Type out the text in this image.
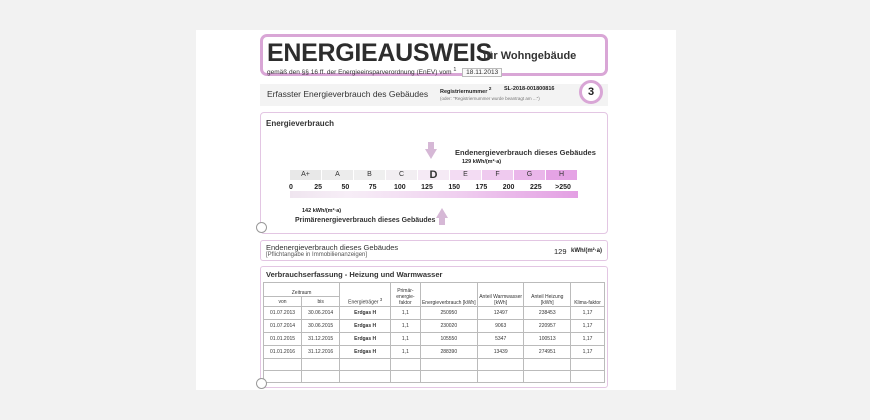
ENERGIEAUSWEIS
für Wohngebäude
gemäß den §§ 16 ff. der Energieeinsparverordnung (EnEV) vom $^1$ 18.11.2013
Erfasster Energieverbrauch des Gebäudes Registriernummer $^2$ SL-2018-001800816
(oder: "Registriernummer wurde beantragt am ...")
3
Energieverbrauch
Endenergieverbrauch dieses Gebäudes
129 kWh/(m²·a)
A+	A	B	C	D	E	F	G	H
0	25	50	75 100 125 150 175 200 225 >250
142 kWh/(m²·a)
Primärenergieverbrauch dieses Gebäudes
Endenergieverbrauch dieses Gebäudes
[Pflichtangabe in Immobilienanzeigen]	129 kWh/(m²·a)
Verbrauchserfassung - Heizung und Warmwasser
Zeitraum		Energieträger $^3$	Primär-energie-faktor	Energieverbrauch [kWh]	Anteil Warmwasser [kWh]	Anteil Heizung [kWh]	Klima-faktor
von	bis						
01.07.2013	30.06.2014	Erdgas H	1,1	250950	12497	238453	1,17
01.07.2014	30.06.2015	Erdgas H	1,1	230020	9063	220957	1,17
01.01.2015	31.12.2015	Erdgas H	1,1	105550	5347	100513	1,17
01.01.2016	31.12.2016	Erdgas H	1,1	288390	13439	274951	1,17
